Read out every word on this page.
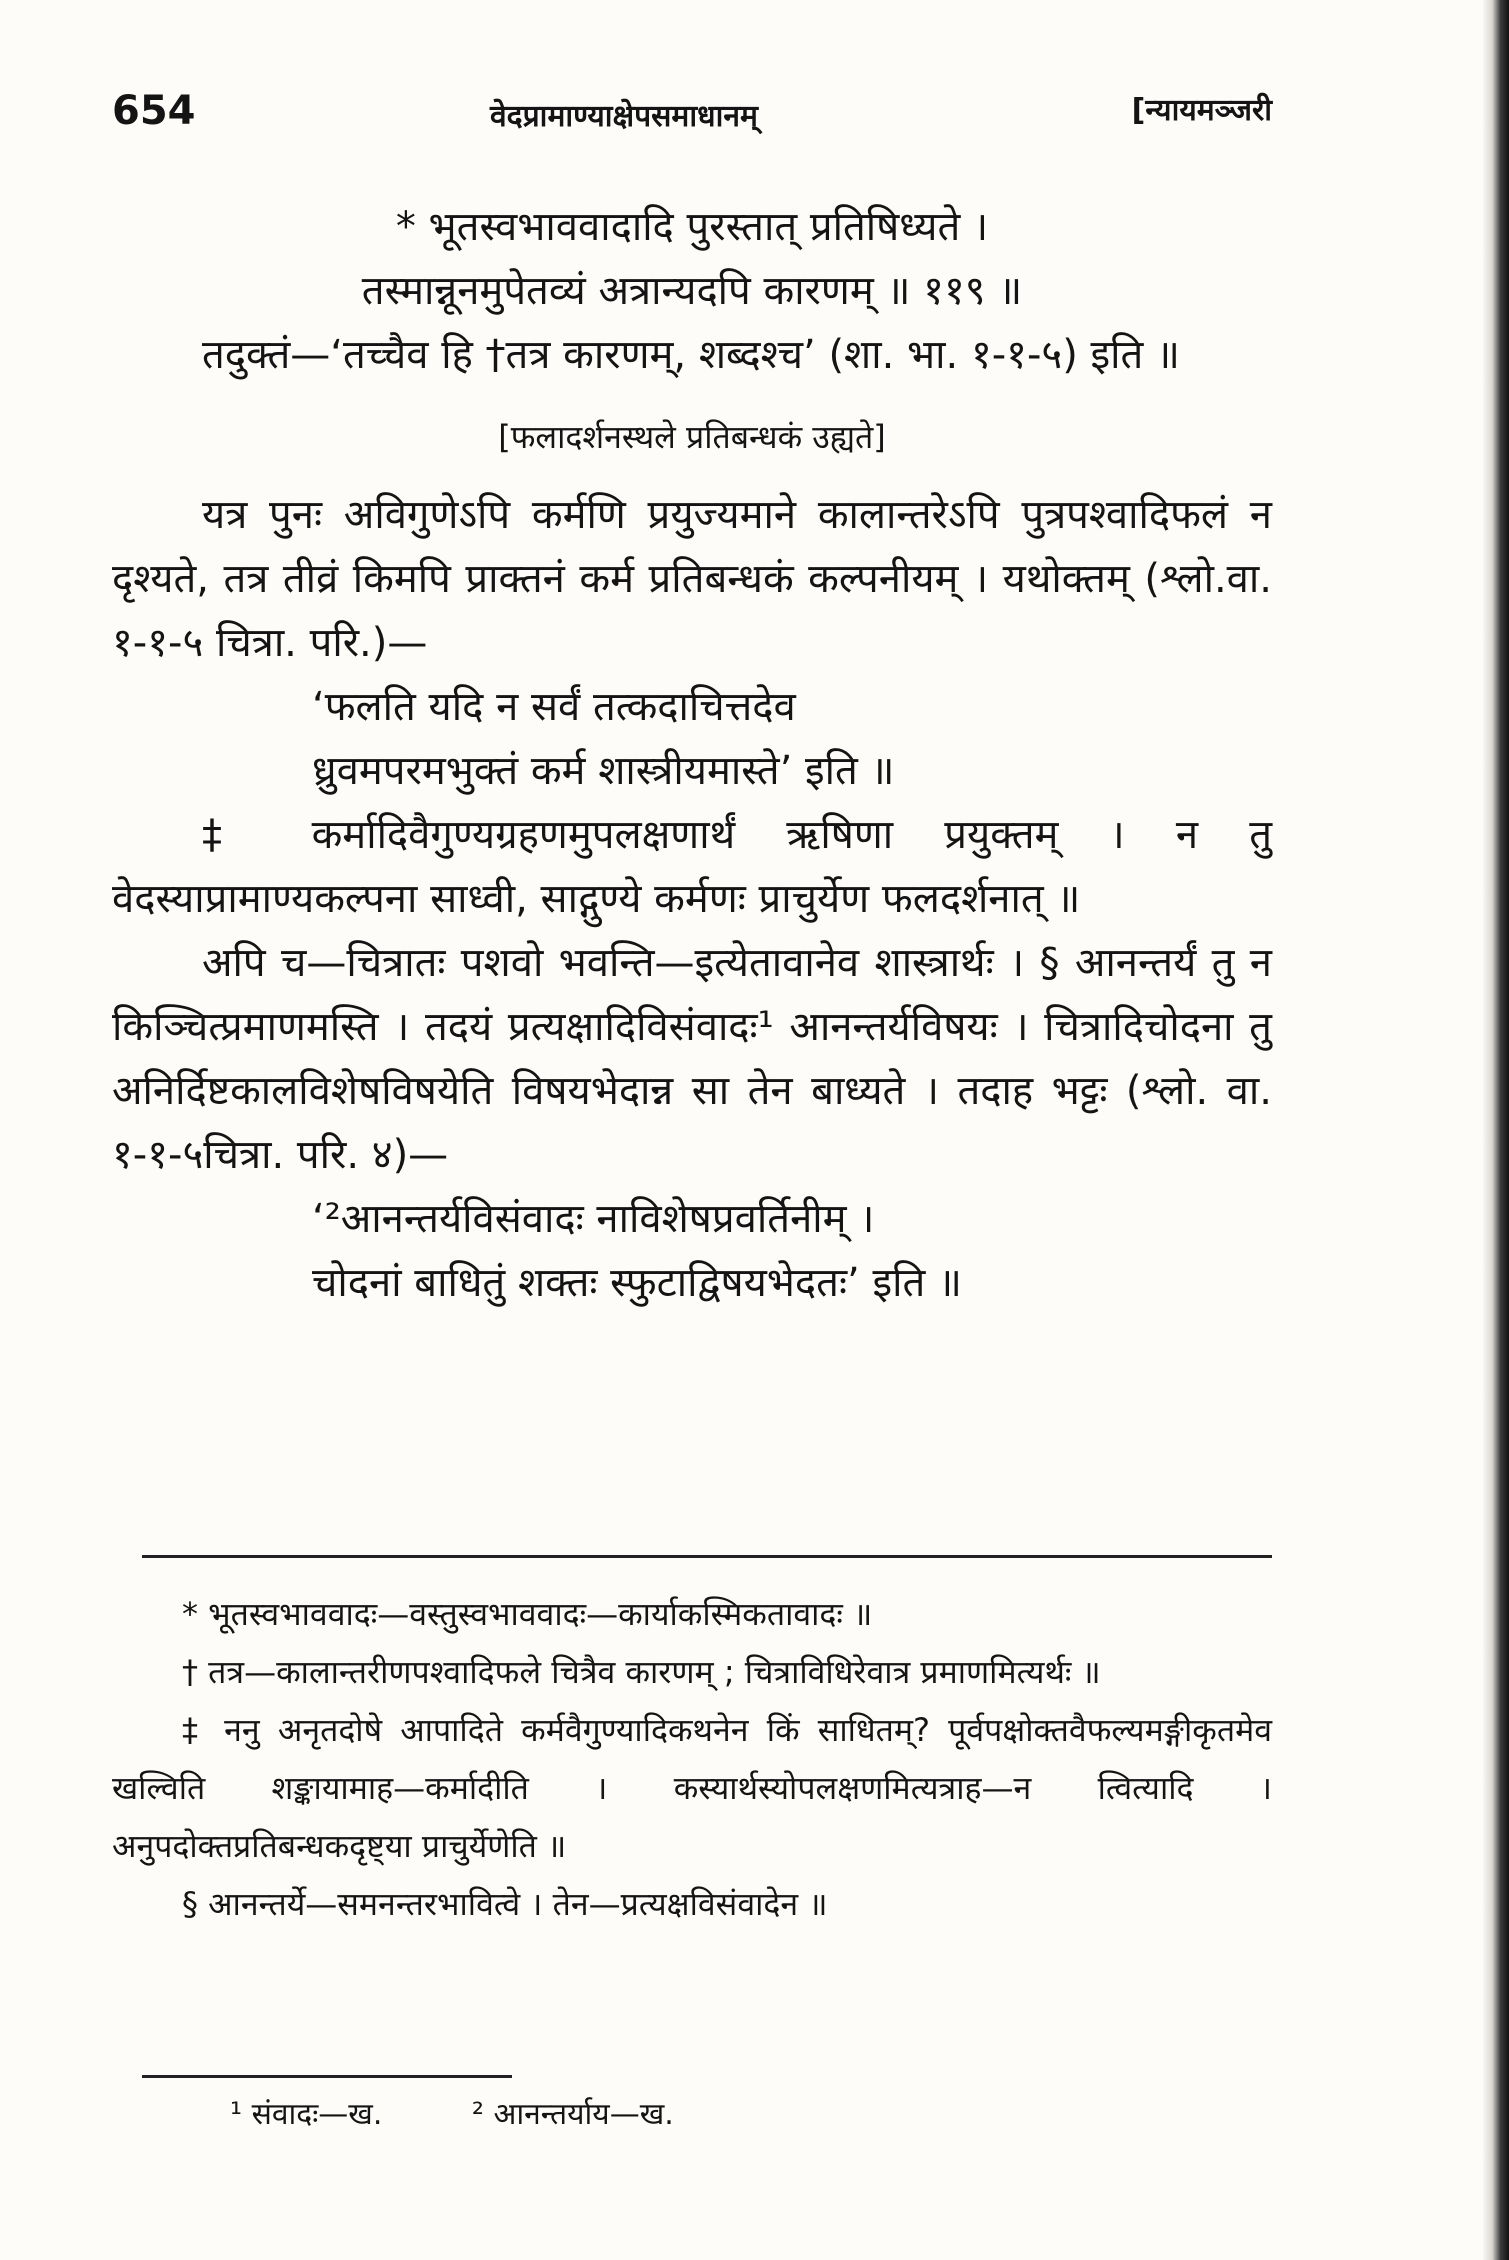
654	वेदप्रामाण्याक्षेपसमाधानम्	[न्यायमञ्जरी
* भूतस्वभाववादादि पुरस्तात् प्रतिषिध्यते ।
तस्मान्नूनमुपेतव्यं अत्रान्यदपि कारणम् ॥ ११९ ॥

तदुक्तं—‘तच्चैव हि †तत्र कारणम्, शब्दश्च’ (शा. भा. १-१-५) इति ॥

[फलादर्शनस्थले प्रतिबन्धकं उह्यते]

यत्र पुनः अविगुणेऽपि कर्मणि प्रयुज्यमाने कालान्तरेऽपि पुत्रपश्वादिफलं न दृश्यते, तत्र तीव्रं किमपि प्राक्तनं कर्म प्रतिबन्धकं कल्पनीयम् । यथोक्तम् (श्लो.वा. १-१-५ चित्रा. परि.)—

‘फलति यदि न सर्वं तत्कदाचित्तदेव
ध्रुवमपरमभुक्तं कर्म शास्त्रीयमास्ते’ इति ॥

‡ कर्मादिवैगुण्यग्रहणमुपलक्षणार्थं ऋषिणा प्रयुक्तम् । न तु वेदस्याप्रामाण्यकल्पना साध्वी, साद्गुण्ये कर्मणः प्राचुर्येण फलदर्शनात् ॥

अपि च—चित्रातः पशवो भवन्ति—इत्येतावानेव शास्त्रार्थः । § आनन्तर्यं तु न किञ्चित्प्रमाणमस्ति । तदयं प्रत्यक्षादिविसंवादः¹ आनन्तर्यविषयः । चित्रादिचोदना तु अनिर्दिष्टकालविशेषविषयेति विषयभेदान्न सा तेन बाध्यते । तदाह भट्टः (श्लो. वा. १-१-५चित्रा. परि. ४)—

‘²आनन्तर्यविसंवादः नाविशेषप्रवर्तिनीम् ।
चोदनां बाधितुं शक्तः स्फुटाद्विषयभेदतः’ इति ॥

* भूतस्वभाववादः—वस्तुस्वभाववादः—कार्याकस्मिकतावादः ॥

† तत्र—कालान्तरीणपश्वादिफले चित्रैव कारणम् ; चित्राविधिरेवात्र प्रमाणमित्यर्थः ॥

‡ ननु अनृतदोषे आपादिते कर्मवैगुण्यादिकथनेन किं साधितम्? पूर्वपक्षोक्तवैफल्यमङ्गीकृतमेव खल्विति शङ्कायामाह—कर्मादीति । कस्यार्थस्योपलक्षणमित्यत्राह—न त्वित्यादि । अनुपदोक्तप्रतिबन्धकदृष्ट्या प्राचुर्येणेति ॥

§ आनन्तर्ये—समनन्तरभावित्वे । तेन—प्रत्यक्षविसंवादेन ॥

¹ संवादः—ख.	² आनन्तर्याय—ख.
